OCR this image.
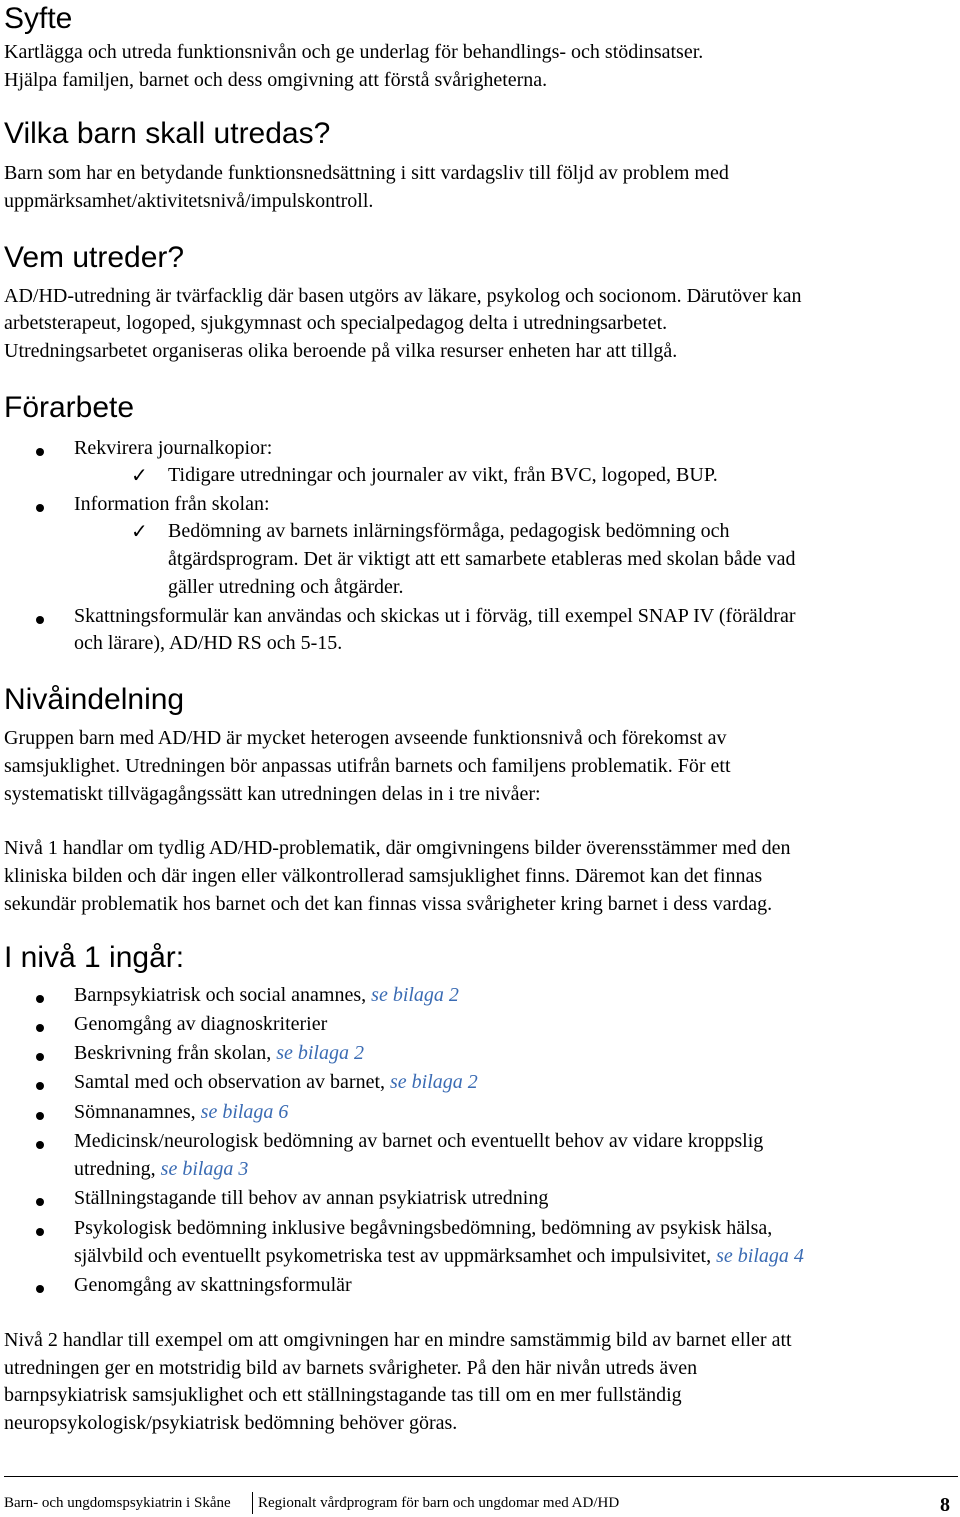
Syfte

Kartlägga och utreda funktionsnivån och ge underlag för behandlings- och stödinsatser.

Hjälpa familjen, barnet och dess omgivning att förstå svårigheterna.

Vilka barn skall utredas?

Barn som har en betydande funktionsnedsättning i sitt vardagsliv till följd av problem med

uppmärksamhet/aktivitetsnivå/impulskontroll.

Vem utreder?

AD/HD-utredning är tvärfacklig där basen utgörs av läkare, psykolog och socionom. Därutöver kan

arbetsterapeut, logoped, sjukgymnast och specialpedagog delta i utredningsarbetet.

Utredningsarbetet organiseras olika beroende på vilka resurser enheten har att tillgå.

Förarbete

Rekvirera journalkopior:

✓ Tidigare utredningar och journaler av vikt, från BVC, logoped, BUP.

Information från skolan:

✓ Bedömning av barnets inlärningsförmåga, pedagogisk bedömning och

åtgärdsprogram. Det är viktigt att ett samarbete etableras med skolan både vad

gäller utredning och åtgärder.

Skattningsformulär kan användas och skickas ut i förväg, till exempel SNAP IV (föräldrar

och lärare), AD/HD RS och 5-15.

Nivåindelning

Gruppen barn med AD/HD är mycket heterogen avseende funktionsnivå och förekomst av

samsjuklighet. Utredningen bör anpassas utifrån barnets och familjens problematik. För ett

systematiskt tillvägagångssätt kan utredningen delas in i tre nivåer:

Nivå 1 handlar om tydlig AD/HD-problematik, där omgivningens bilder överensstämmer med den

kliniska bilden och där ingen eller välkontrollerad samsjuklighet finns. Däremot kan det finnas

sekundär problematik hos barnet och det kan finnas vissa svårigheter kring barnet i dess vardag.

I nivå 1 ingår:

Barnpsykiatrisk och social anamnes, se bilaga 2

Genomgång av diagnoskriterier

Beskrivning från skolan, se bilaga 2

Samtal med och observation av barnet, se bilaga 2

Sömnanamnes, se bilaga 6

Medicinsk/neurologisk bedömning av barnet och eventuellt behov av vidare kroppslig

utredning, se bilaga 3

Ställningstagande till behov av annan psykiatrisk utredning

Psykologisk bedömning inklusive begåvningsbedömning, bedömning av psykisk hälsa,

självbild och eventuellt psykometriska test av uppmärksamhet och impulsivitet, se bilaga 4

Genomgång av skattningsformulär

Nivå 2 handlar till exempel om att omgivningen har en mindre samstämmig bild av barnet eller att

utredningen ger en motstridig bild av barnets svårigheter. På den här nivån utreds även

barnpsykiatrisk samsjuklighet och ett ställningstagande tas till om en mer fullständig

neuropsykologisk/psykiatrisk bedömning behöver göras.

Barn- och ungdomspsykiatrin i Skåne Regionalt vårdprogram för barn och ungdomar med AD/HD	8
